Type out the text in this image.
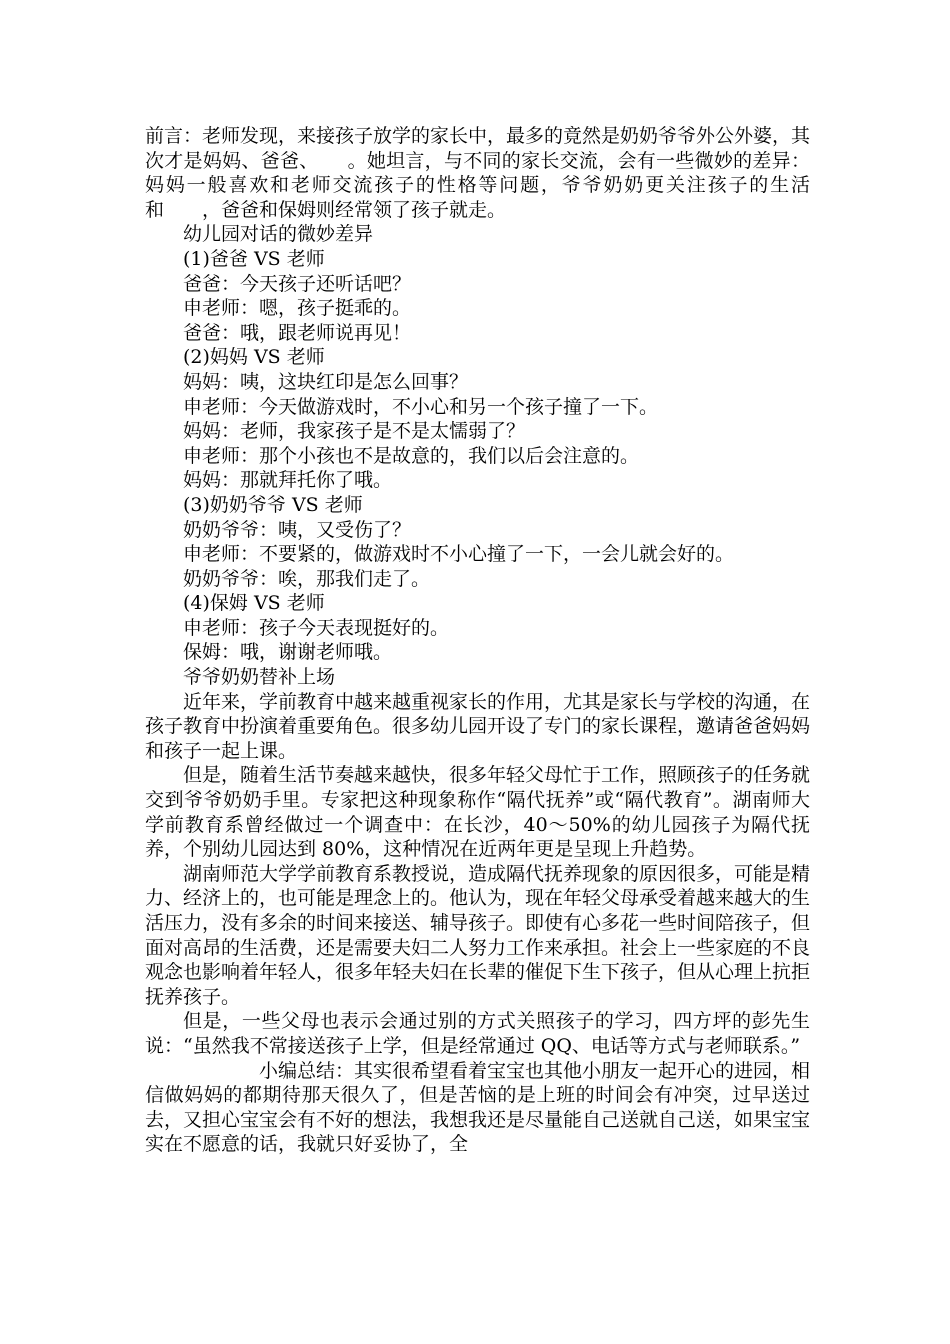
前言：老师发现，来接孩子放学的家长中，最多的竟然是奶奶爷爷外公外婆，其次才是妈妈、爸爸、　　。她坦言，与不同的家长交流，会有一些微妙的差异：妈妈一般喜欢和老师交流孩子的性格等问题，爷爷奶奶更关注孩子的生活和　　，爸爸和保姆则经常领了孩子就走。

幼儿园对话的微妙差异

(1)爸爸 VS 老师

爸爸：今天孩子还听话吧？

申老师：嗯，孩子挺乖的。

爸爸：哦，跟老师说再见！

(2)妈妈 VS 老师

妈妈：咦，这块红印是怎么回事？

申老师：今天做游戏时，不小心和另一个孩子撞了一下。

妈妈：老师，我家孩子是不是太懦弱了？

申老师：那个小孩也不是故意的，我们以后会注意的。

妈妈：那就拜托你了哦。

(3)奶奶爷爷 VS 老师

奶奶爷爷：咦，又受伤了？

申老师：不要紧的，做游戏时不小心撞了一下，一会儿就会好的。

奶奶爷爷：唉，那我们走了。

(4)保姆 VS 老师

申老师：孩子今天表现挺好的。

保姆：哦，谢谢老师哦。

爷爷奶奶替补上场

近年来，学前教育中越来越重视家长的作用，尤其是家长与学校的沟通，在孩子教育中扮演着重要角色。很多幼儿园开设了专门的家长课程，邀请爸爸妈妈和孩子一起上课。

但是，随着生活节奏越来越快，很多年轻父母忙于工作，照顾孩子的任务就交到爷爷奶奶手里。专家把这种现象称作“隔代抚养”或“隔代教育”。湖南师大学前教育系曾经做过一个调查中：在长沙，40～50%的幼儿园孩子为隔代抚养，个别幼儿园达到 80%，这种情况在近两年更是呈现上升趋势。

湖南师范大学学前教育系教授说，造成隔代抚养现象的原因很多，可能是精力、经济上的，也可能是理念上的。他认为，现在年轻父母承受着越来越大的生活压力，没有多余的时间来接送、辅导孩子。即使有心多花一些时间陪孩子，但面对高昂的生活费，还是需要夫妇二人努力工作来承担。社会上一些家庭的不良观念也影响着年轻人，很多年轻夫妇在长辈的催促下生下孩子，但从心理上抗拒抚养孩子。

但是，一些父母也表示会通过别的方式关照孩子的学习，四方坪的彭先生说：“虽然我不常接送孩子上学，但是经常通过 QQ、电话等方式与老师联系。”

小编总结：其实很希望看着宝宝也其他小朋友一起开心的进园，相信做妈妈的都期待那天很久了，但是苦恼的是上班的时间会有冲突，过早送过去，又担心宝宝会有不好的想法，我想我还是尽量能自己送就自己送，如果宝宝实在不愿意的话，我就只好妥协了，全
